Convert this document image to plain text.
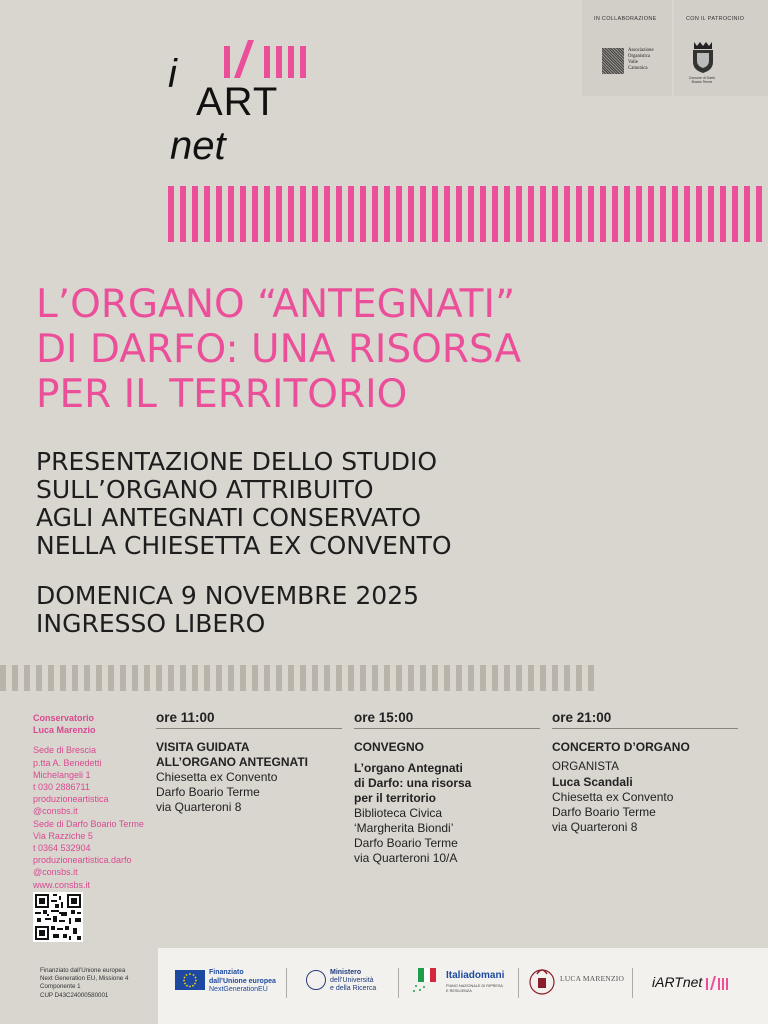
IN COLLABORAZIONE
Associazione
Organistica
Valle
Camonica
CON IL PATROCINIO
Comune di Darfo Boario Terme
i
ART
net
L’ORGANO “ANTEGNATI”
DI DARFO: UNA RISORSA
PER IL TERRITORIO
PRESENTAZIONE DELLO STUDIO
SULL’ORGANO ATTRIBUITO
AGLI ANTEGNATI CONSERVATO
NELLA CHIESETTA EX CONVENTO
DOMENICA 9 NOVEMBRE 2025
INGRESSO LIBERO
Conservatorio
Luca Marenzio
Sede di Brescia
p.tta A. Benedetti
Michelangeli 1
t 030 2886711
produzioneartistica
@consbs.it
Sede di Darfo Boario Terme
Via Razziche 5
t 0364 532904
produzioneartistica.darfo
@consbs.it
www.consbs.it
ore 11:00
VISITA GUIDATA
ALL’ORGANO ANTEGNATI
Chiesetta ex Convento
Darfo Boario Terme
via Quarteroni 8
ore 15:00
CONVEGNO
L’organo Antegnati
di Darfo: una risorsa
per il territorio
Biblioteca Civica
‘Margherita Biondi’
Darfo Boario Terme
via Quarteroni 10/A
ore 21:00
CONCERTO D’ORGANO
ORGANISTA
Luca Scandali
Chiesetta ex Convento
Darfo Boario Terme
via Quarteroni 8
Finanziato dall’Unione europea
Next Generation EU, Missione 4
Componente 1
CUP D43C24000580001
Finanziato
dall’Unione europea
NextGenerationEU
Ministero
dell’Università
e della Ricerca
Italiadomani
PIANO NAZIONALE DI RIPRESA E RESILIENZA
LUCA MARENZIO iARTnet
